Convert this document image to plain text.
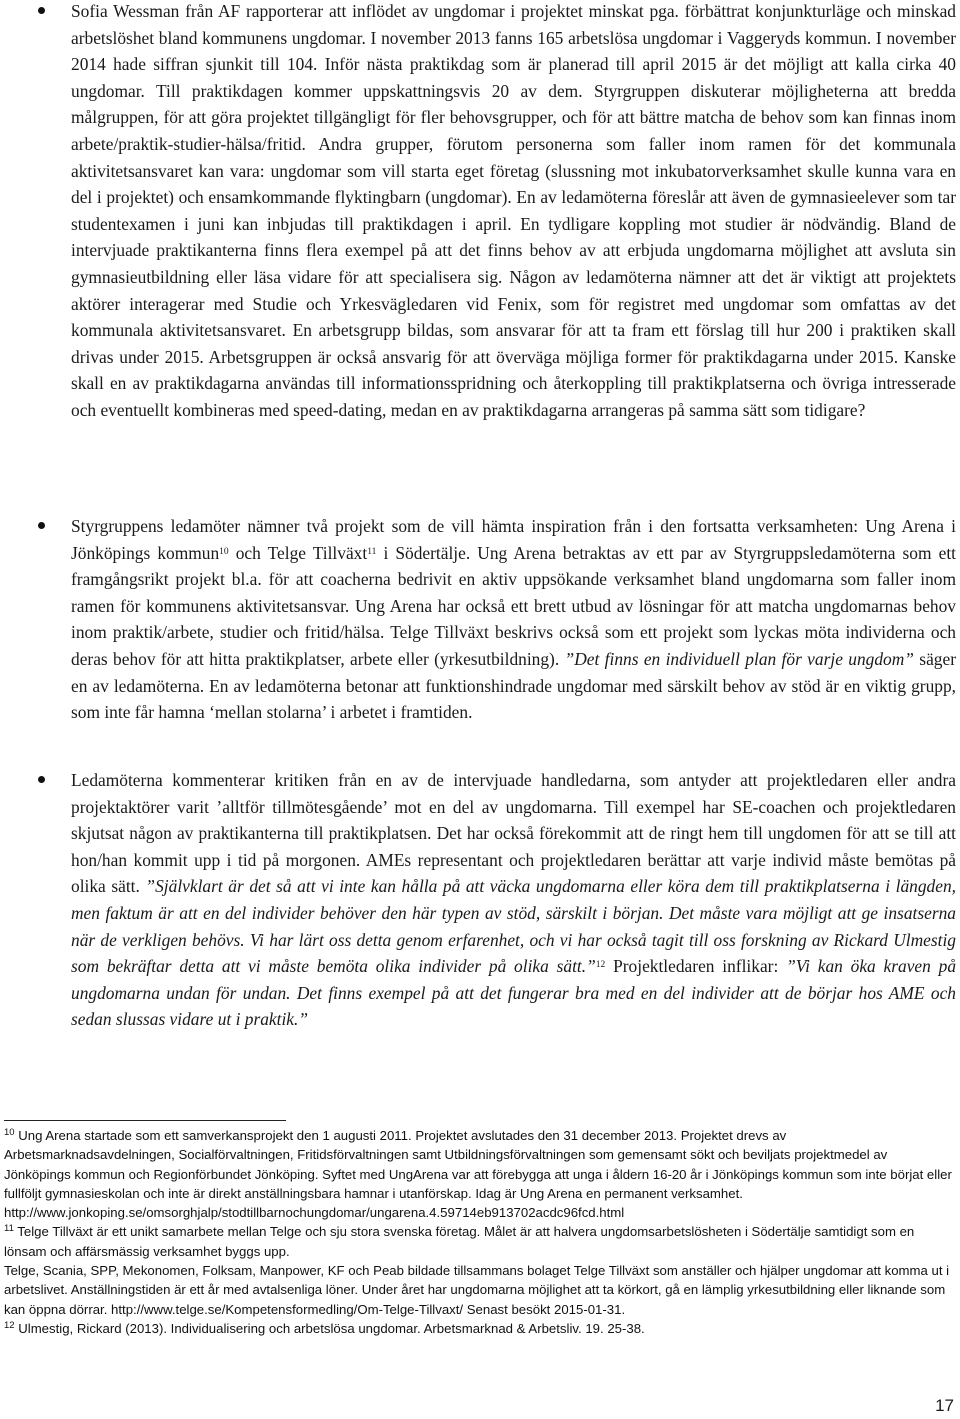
Sofia Wessman från AF rapporterar att inflödet av ungdomar i projektet minskat pga. förbättrat konjunkturläge och minskad arbetslöshet bland kommunens ungdomar. I november 2013 fanns 165 arbetslösa ungdomar i Vaggeryds kommun. I november 2014 hade siffran sjunkit till 104. Inför nästa praktikdag som är planerad till april 2015 är det möjligt att kalla cirka 40 ungdomar. Till praktikdagen kommer uppskattningsvis 20 av dem. Styrgruppen diskuterar möjligheterna att bredda målgruppen, för att göra projektet tillgängligt för fler behovsgrupper, och för att bättre matcha de behov som kan finnas inom arbete/praktik-studier-hälsa/fritid. Andra grupper, förutom personerna som faller inom ramen för det kommunala aktivitetsansvaret kan vara: ungdomar som vill starta eget företag (slussning mot inkubatorverksamhet skulle kunna vara en del i projektet) och ensamkommande flyktingbarn (ungdomar). En av ledamöterna föreslår att även de gymnasieelever som tar studentexamen i juni kan inbjudas till praktikdagen i april. En tydligare koppling mot studier är nödvändig. Bland de intervjuade praktikanterna finns flera exempel på att det finns behov av att erbjuda ungdomarna möjlighet att avsluta sin gymnasieutbildning eller läsa vidare för att specialisera sig. Någon av ledamöterna nämner att det är viktigt att projektets aktörer interagerar med Studie och Yrkesvägledaren vid Fenix, som för registret med ungdomar som omfattas av det kommunala aktivitetsansvaret. En arbetsgrupp bildas, som ansvarar för att ta fram ett förslag till hur 200 i praktiken skall drivas under 2015. Arbetsgruppen är också ansvarig för att överväga möjliga former för praktikdagarna under 2015. Kanske skall en av praktikdagarna användas till informationsspridning och återkoppling till praktikplatserna och övriga intresserade och eventuellt kombineras med speed-dating, medan en av praktikdagarna arrangeras på samma sätt som tidigare?
Styrgruppens ledamöter nämner två projekt som de vill hämta inspiration från i den fortsatta verksamheten: Ung Arena i Jönköpings kommun$^{10}$ och Telge Tillväxt$^{11}$ i Södertälje. Ung Arena betraktas av ett par av Styrgruppsledamöterna som ett framgångsrikt projekt bl.a. för att coacherna bedrivit en aktiv uppsökande verksamhet bland ungdomarna som faller inom ramen för kommunens aktivitetsansvar. Ung Arena har också ett brett utbud av lösningar för att matcha ungdomarnas behov inom praktik/arbete, studier och fritid/hälsa. Telge Tillväxt beskrivs också som ett projekt som lyckas möta individerna och deras behov för att hitta praktikplatser, arbete eller (yrkesutbildning). ”Det finns en individuell plan för varje ungdom” säger en av ledamöterna. En av ledamöterna betonar att funktionshindrade ungdomar med särskilt behov av stöd är en viktig grupp, som inte får hamna ‘mellan stolarna’ i arbetet i framtiden.
Ledamöterna kommenterar kritiken från en av de intervjuade handledarna, som antyder att projektledaren eller andra projektaktörer varit ’alltför tillmötesgående’ mot en del av ungdomarna. Till exempel har SE-coachen och projektledaren skjutsat någon av praktikanterna till praktikplatsen. Det har också förekommit att de ringt hem till ungdomen för att se till att hon/han kommit upp i tid på morgonen. AMEs representant och projektledaren berättar att varje individ måste bemötas på olika sätt. ”Självklart är det så att vi inte kan hålla på att väcka ungdomarna eller köra dem till praktikplatserna i längden, men faktum är att en del individer behöver den här typen av stöd, särskilt i början. Det måste vara möjligt att ge insatserna när de verkligen behövs. Vi har lärt oss detta genom erfarenhet, och vi har också tagit till oss forskning av Rickard Ulmestig som bekräftar detta att vi måste bemöta olika individer på olika sätt.”$^{12}$ Projektledaren inflikar: ”Vi kan öka kraven på ungdomarna undan för undan. Det finns exempel på att det fungerar bra med en del individer att de börjar hos AME och sedan slussas vidare ut i praktik.”

$^{10}$ Ung Arena startade som ett samverkansprojekt den 1 augusti 2011. Projektet avslutades den 31 december 2013. Projektet drevs av Arbetsmarknadsavdelningen, Socialförvaltningen, Fritidsförvaltningen samt Utbildningsförvaltningen som gemensamt sökt och beviljats projektmedel av Jönköpings kommun och Regionförbundet Jönköping. Syftet med UngArena var att förebygga att unga i åldern 16-20 år i Jönköpings kommun som inte börjat eller fullföljt gymnasieskolan och inte är direkt anställningsbara hamnar i utanförskap. Idag är Ung Arena en permanent verksamhet.
http://www.jonkoping.se/omsorghjalp/stodtillbarnochungdomar/ungarena.4.59714eb913702acdc96fcd.html

$^{11}$ Telge Tillväxt är ett unikt samarbete mellan Telge och sju stora svenska företag. Målet är att halvera ungdomsarbetslösheten i Södertälje samtidigt som en lönsam och affärsmässig verksamhet byggs upp.
Telge, Scania, SPP, Mekonomen, Folksam, Manpower, KF och Peab bildade tillsammans bolaget Telge Tillväxt som anställer och hjälper ungdomar att komma ut i arbetslivet. Anställningstiden är ett år med avtalsenliga löner. Under året har ungdomarna möjlighet att ta körkort, gå en lämplig yrkesutbildning eller liknande som kan öppna dörrar. http://www.telge.se/Kompetensformedling/Om-Telge-Tillvaxt/ Senast besökt 2015-01-31.

$^{12}$ Ulmestig, Rickard (2013). Individualisering och arbetslösa ungdomar. Arbetsmarknad & Arbetsliv. 19. 25-38.

17
